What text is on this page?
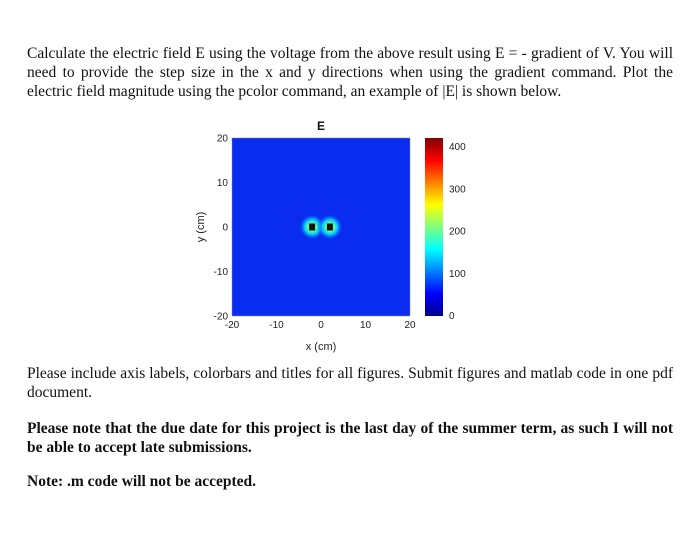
Calculate the electric field E using the voltage from the above result using E = - gradient of V. You will need to provide the step size in the x and y directions when using the gradient command. Plot the electric field magnitude using the pcolor command, an example of |E| is shown below.

E
-20
-10
0
10
20
-20	-10	0	10	20
y (cm)
x (cm)
0
100
200
300
400

Please include axis labels, colorbars and titles for all figures. Submit figures and matlab code in one pdf document.

Please note that the due date for this project is the last day of the summer term, as such I will not be able to accept late submissions.

Note: .m code will not be accepted.
